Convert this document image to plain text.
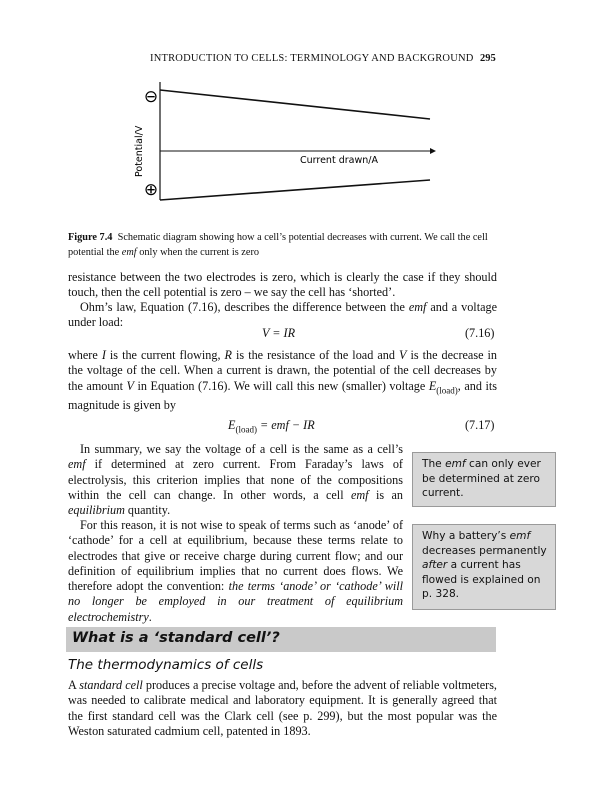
INTRODUCTION TO CELLS: TERMINOLOGY AND BACKGROUND 295
⊖
⊕
Potential/V	Current drawn/A
Figure 7.4 Schematic diagram showing how a cell’s potential decreases with current. We call the cell potential the emf only when the current is zero
resistance between the two electrodes is zero, which is clearly the case if they should touch, then the cell potential is zero – we say the cell has ‘shorted’.
Ohm’s law, Equation (7.16), describes the difference between the emf and a voltage under load:
V = IR	(7.16)
where I is the current flowing, R is the resistance of the load and V is the decrease in the voltage of the cell. When a current is drawn, the potential of the cell decreases by the amount V in Equation (7.16). We will call this new (smaller) voltage $E_{(load)}$, and its magnitude is given by
$E_{(load)}$ = emf − IR	(7.17)
In summary, we say the voltage of a cell is the same as a cell’s emf if determined at zero current. From Faraday’s laws of electrolysis, this criterion implies that none of the compositions within the cell can change. In other words, a cell emf is an equilibrium quantity.
For this reason, it is not wise to speak of terms such as ‘anode’ of ‘cathode’ for a cell at equilibrium, because these terms relate to electrodes that give or receive charge during current flow; and our definition of equilibrium implies that no current does flows. We therefore adopt the convention: the terms ‘anode’ or ‘cathode’ will no longer be employed in our treatment of equilibrium electrochemistry.
The emf can only ever be determined at zero current.
Why a battery’s emf decreases permanently after a current has flowed is explained on p. 328.
What is a ‘standard cell’?
The thermodynamics of cells
A standard cell produces a precise voltage and, before the advent of reliable voltmeters, was needed to calibrate medical and laboratory equipment. It is generally agreed that the first standard cell was the Clark cell (see p. 299), but the most popular was the Weston saturated cadmium cell, patented in 1893.
